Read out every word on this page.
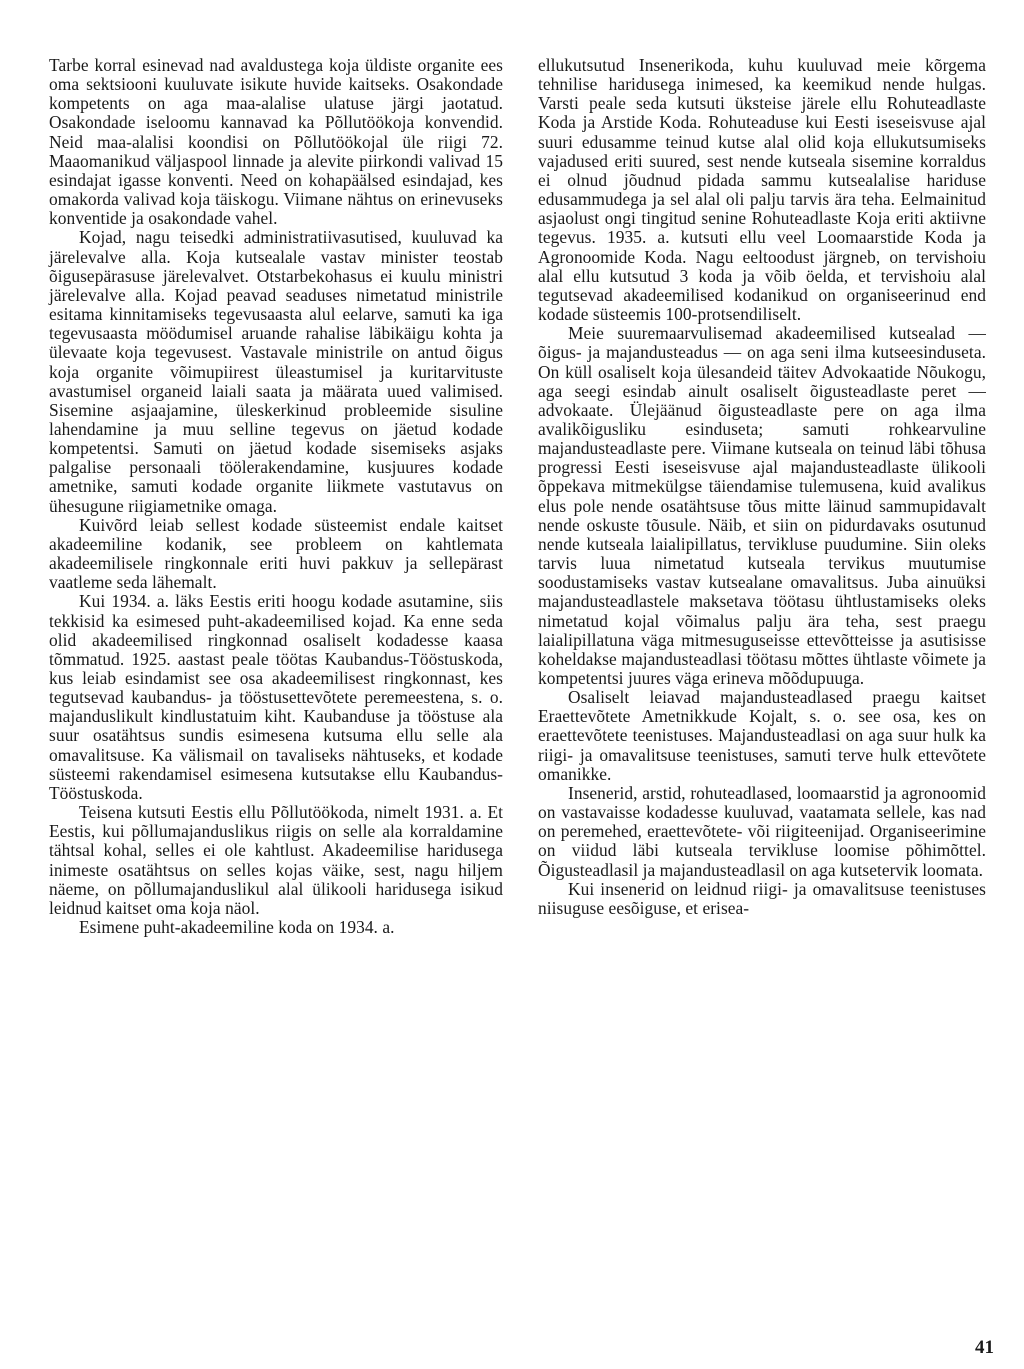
Tarbe korral esinevad nad avaldustega koja üldiste organite ees oma sektsiooni kuuluvate isikute huvide kaitseks. Osakondade kompetents on aga maa-alalise ulatuse järgi jaotatud. Osakondade iseloomu kannavad ka Põllutöökoja konvendid. Neid maa-alalisi koondisi on Põllutöökojal üle riigi 72. Maaomanikud väljaspool linnade ja alevite piirkondi valivad 15 esindajat igasse konventi. Need on kohapäälsed esindajad, kes omakorda valivad koja täiskogu. Viimane nähtus on erinevuseks konventide ja osakondade vahel.

Kojad, nagu teisedki administratiivasutised, kuuluvad ka järelevalve alla. Koja kutsealale vastav minister teostab õigusepärasuse järelevalvet. Otstarbekohasus ei kuulu ministri järelevalve alla. Kojad peavad seaduses nimetatud ministrile esitama kinnitamiseks tegevusaasta alul eelarve, samuti ka iga tegevusaasta möödumisel aruande rahalise läbikäigu kohta ja ülevaate koja tegevusest. Vastavale ministrile on antud õigus koja organite võimupiirest üleastumisel ja kuritarvituste avastumisel organeid laiali saata ja määrata uued valimised. Sisemine asjaajamine, üleskerkinud probleemide sisuline lahendamine ja muu selline tegevus on jäetud kodade kompetentsi. Samuti on jäetud kodade sisemiseks asjaks palgalise personaali töölerakendamine, kusjuures kodade ametnike, samuti kodade organite liikmete vastutavus on ühesugune riigiametnike omaga.

Kuivõrd leiab sellest kodade süsteemist endale kaitset akadeemiline kodanik, see probleem on kahtlemata akadeemilisele ringkonnale eriti huvi pakkuv ja sellepärast vaatleme seda lähemalt.

Kui 1934. a. läks Eestis eriti hoogu kodade asutamine, siis tekkisid ka esimesed puht-akadeemilised kojad. Ka enne seda olid akadeemilised ringkonnad osaliselt kodadesse kaasa tõmmatud. 1925. aastast peale töötas Kaubandus-Tööstuskoda, kus leiab esindamist see osa akadeemilisest ringkonnast, kes tegutsevad kaubandus- ja tööstusettevõtete peremeestena, s. o. majanduslikult kindlustatuim kiht. Kaubanduse ja tööstuse ala suur osatähtsus sundis esimesena kutsuma ellu selle ala omavalitsuse. Ka välismail on tavaliseks nähtuseks, et kodade süsteemi rakendamisel esimesena kutsutakse ellu Kaubandus-Tööstuskoda.

Teisena kutsuti Eestis ellu Põllutöökoda, nimelt 1931. a. Et Eestis, kui põllumajanduslikus riigis on selle ala korraldamine tähtsal kohal, selles ei ole kahtlust. Akadeemilise haridusega inimeste osatähtsus on selles kojas väike, sest, nagu hiljem näeme, on põllumajanduslikul alal ülikooli haridusega isikud leidnud kaitset oma koja näol.

Esimene puht-akadeemiline koda on 1934. a.

ellukutsutud Insenerikoda, kuhu kuuluvad meie kõrgema tehnilise haridusega inimesed, ka keemikud nende hulgas. Varsti peale seda kutsuti üksteise järele ellu Rohuteadlaste Koda ja Arstide Koda. Rohuteaduse kui Eesti iseseisvuse ajal suuri edusamme teinud kutse alal olid koja ellukutsumiseks vajadused eriti suured, sest nende kutseala sisemine korraldus ei olnud jõudnud pidada sammu kutsealalise hariduse edusammudega ja sel alal oli palju tarvis ära teha. Eelmainitud asjaolust ongi tingitud senine Rohuteadlaste Koja eriti aktiivne tegevus. 1935. a. kutsuti ellu veel Loomaarstide Koda ja Agronoomide Koda. Nagu eeltoodust järgneb, on tervishoiu alal ellu kutsutud 3 koda ja võib öelda, et tervishoiu alal tegutsevad akadeemilised kodanikud on organiseerinud end kodade süsteemis 100-protsendiliselt.

Meie suuremaarvulisemad akadeemilised kutsealad — õigus- ja majandusteadus — on aga seni ilma kutseesinduseta. On küll osaliselt koja ülesandeid täitev Advokaatide Nõukogu, aga seegi esindab ainult osaliselt õigusteadlaste peret — advokaate. Ülejäänud õigusteadlaste pere on aga ilma avalikõigusliku esinduseta; samuti rohkearvuline majandusteadlaste pere. Viimane kutseala on teinud läbi tõhusa progressi Eesti iseseisvuse ajal majandusteadlaste ülikooli õppekava mitmekülgse täiendamise tulemusena, kuid avalikus elus pole nende osatähtsuse tõus mitte läinud sammupidavalt nende oskuste tõusule. Näib, et siin on pidurdavaks osutunud nende kutseala laialipillatus, tervikluse puudumine. Siin oleks tarvis luua nimetatud kutseala tervikus muutumise soodustamiseks vastav kutsealane omavalitsus. Juba ainuüksi majandusteadlastele maksetava töötasu ühtlustamiseks oleks nimetatud kojal võimalus palju ära teha, sest praegu laialipillatuna väga mitmesuguseisse ettevõtteisse ja asutisisse koheldakse majandusteadlasi töötasu mõttes ühtlaste võimete ja kompetentsi juures väga erineva mõõdupuuga.

Osaliselt leiavad majandusteadlased praegu kaitset Eraettevõtete Ametnikkude Kojalt, s. o. see osa, kes on eraettevõtete teenistuses. Majandusteadlasi on aga suur hulk ka riigi- ja omavalitsuse teenistuses, samuti terve hulk ettevõtete omanikke.

Insenerid, arstid, rohuteadlased, loomaarstid ja agronoomid on vastavaisse kodadesse kuuluvad, vaatamata sellele, kas nad on peremehed, eraettevõtete- või riigiteenijad. Organiseerimine on viidud läbi kutseala tervikluse loomise põhimõttel. Õigusteadlasil ja majandusteadlasil on aga kutsetervik loomata.

Kui insenerid on leidnud riigi- ja omavalitsuse teenistuses niisuguse eesõiguse, et erisea-

41
